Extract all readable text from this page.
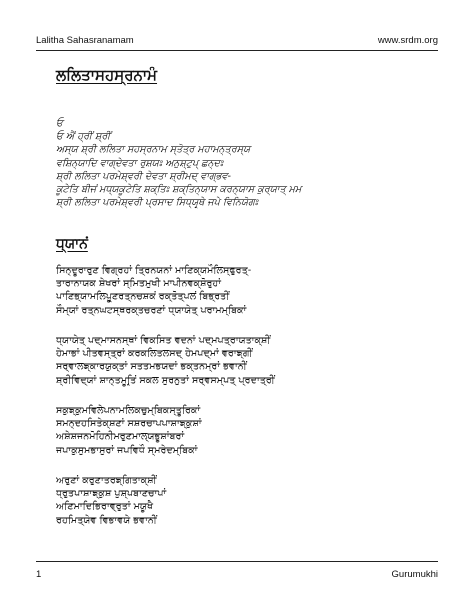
Lalitha Sahasranamam	www.srdm.org
ਲਲਿਤਾਸਹਸ੍ਰਨਾਮੰ
ਓ
ਓ ਐਂ ਹ੍ਰੀਂ ਸ਼੍ਰੀਂ
ਅਸ੍ਯ ਸ਼੍ਰੀ ਲਲਿਤਾ ਸਹਸ੍ਰਨਾਮ ਸ੍ਤੋਤ੍ਰ ਮਹਾਮਨ੍ਤ੍ਰਸ੍ਯ
ਵਸ਼ਿਨ੍ਯਾਦਿ ਵਾਗ੍ਦੇਵਤਾ ਰੁਸ਼ਯਃ ਅਨੁਸ਼੍ਟੁਪ੍ ਛਨ੍ਦਃ
ਸ਼੍ਰੀ ਲਲਿਤਾ ਪਰਮੇਸ਼੍ਵਰੀ ਦੇਵਤਾ ਸ਼੍ਰੀਮਦ੍ ਵਾਗ੍ਭਵ-
ਕੂਟੇਤਿ ਬੀਜਂ ਮਧ੍ਯਕੂਟੇਤਿ ਸ਼ਕ੍ਤਿਃ ਸ਼ਕ੍ਤਿਨ੍ਯਾਸ ਕਰਨ੍ਯਾਸ ਕੁਰ੍ਯਾਤ੍ ਮਮ
ਸ਼੍ਰੀ ਲਲਿਤਾ ਪਰਮੇਸ਼੍ਵਰੀ ਪ੍ਰਸਾਦ ਸਿਧ੍ਯਰ੍ਥੇ ਜਪੇ ਵਿਨਿਯੋਗਃ
ਧ੍ਯਾਨਂ
ਸਿਨ੍ਦੂਰਾਰੁਣ ਵਿਗ੍ਰਹਾਂ ਤ੍ਰਿਨਯਨਾਂ ਮਾਣਿਕ੍ਯਮੌਲਿਸ੍ਫੁਰਤ੍-
ਤਾਰਾਨਾਯਕ ਸ਼ੇਖਰਾਂ ਸ੍ਮਿਤਮੁਖੀ ਮਾਪੀਨਵਕ੍ਸ਼ੋਰੁਹਾਂ
ਪਾਣਿਭ੍ਯਾਮਲਿਪੂਰ੍ਣਰਤ੍ਨਚਸ਼ਕਂ ਰਕ੍ਤੋਤ੍ਪਲਂ ਬਿਭ੍ਰਤੀਂ
ਸੌਮ੍ਯਾਂ ਰਤ੍ਨਘਟਸ੍ਥਰਕ੍ਤਚਰਣਾਂ ਧ੍ਯਾਯੇਤ੍ ਪਰਾਮਮ੍ਬਿਕਾਂ
ਧ੍ਯਾਯੇਤ੍ ਪਦ੍ਮਾਸਨਸ੍ਥਾਂ ਵਿਕਸਿਤ ਵਦਨਾਂ ਪਦ੍ਮਪਤ੍ਰਾਯਤਾਕ੍ਸ਼ੀਂ
ਹੇਮਾਭਾਂ ਪੀਤਵਸ੍ਤ੍ਰਾਂ ਕਰਕਲਿਤਲਸਦ੍ ਹੇਮਪਦ੍ਮਾਂ ਵਰਾਙ੍ਗੀਂ
ਸਰ੍ਵਾਲਙ੍ਕਾਰਯੁਕ੍ਤਾਂ ਸਤਤਮਭਯਦਾਂ ਭਕ੍ਤਨਮ੍ਰਾਂ ਭਵਾਨੀਂ
ਸ਼੍ਰੀਵਿਦ੍ਯਾਂ ਸ਼ਾਨ੍ਤਮੂਰ੍ਤਿਂ ਸਕਲ ਸੁਰਨੁਤਾਂ ਸਰ੍ਵਸਮ੍ਪਤ੍ ਪ੍ਰਦਾਤ੍ਰੀਂ
ਸਕੁਙ੍ਕੁਮਵਿਲੇਪਨਾਮਲਿਕਚੁਮ੍ਬਿਕਸ੍ਤੂਰਿਕਾਂ
ਸਮਨ੍ਦਹਸਿਤੇਕ੍ਸ਼ਣਾਂ ਸਸ਼ਰਚਾਪਪਾਸ਼ਾਙ੍ਕੁਸ਼ਾਂ
ਅਸ਼ੇਸ਼ਜਨਮੋਹਿਨੀਮਰੁਣਮਾਲ੍ਯਭੂਸ਼ਾਂਬਰਾਂ
ਜਪਾਕੁਸੁਮਭਾਸੁਰਾਂ ਜਪਵਿਧੌ ਸ੍ਮਰੇਦਮ੍ਬਿਕਾਂ
ਅਰੁਣਾਂ ਕਰੁਣਾਤਰਙ੍ਗਿਤਾਕ੍ਸ਼ੀਂ
ਧ੍ਰੁਤਪਾਸ਼ਾਙ੍ਕੁਸ਼ ਪੁਸ਼੍ਪਬਾਣਚਾਪਾਂ
ਅਣਿਮਾਦਿਭਿਰਾਵ੍ਰੁਤਾਂ ਮਯੂਖੈ
ਰਹਮਿਤ੍ਯੇਵ ਵਿਭਾਵਯੇ ਭਵਾਨੀਂ
1	Gurumukhi
